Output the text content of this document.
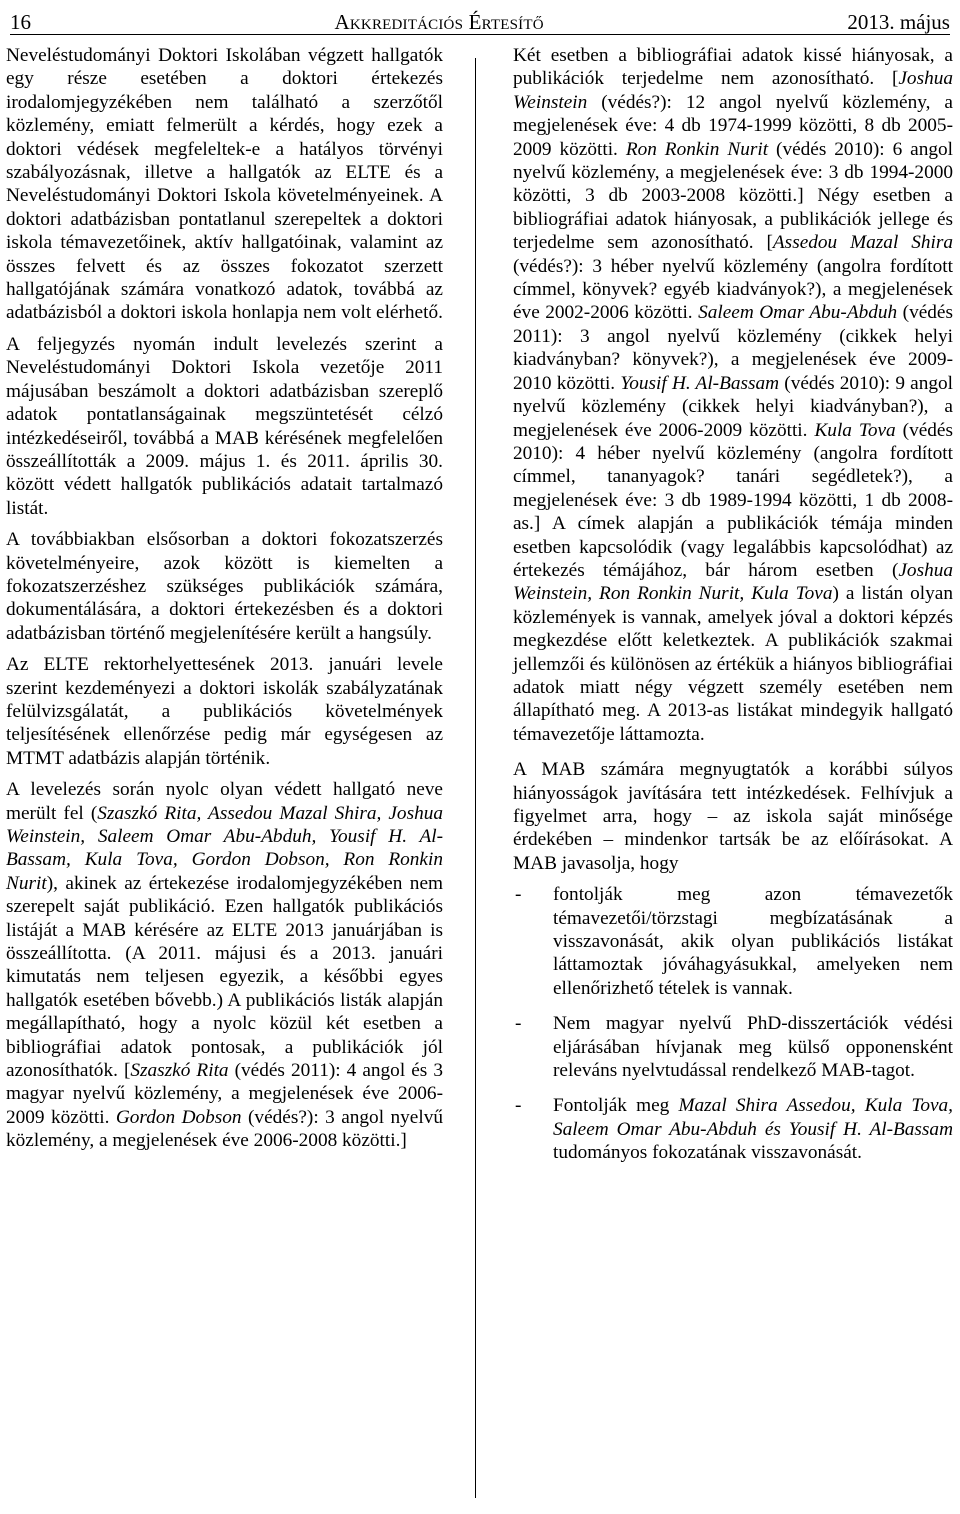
16	Akkreditációs Értesítő	2013. május

Neveléstudományi Doktori Iskolában végzett hallgatók egy része esetében a doktori értekezés irodalomjegyzékében nem található a szerzőtől közlemény, emiatt felmerült a kérdés, hogy ezek a doktori védések megfeleltek-e a hatályos törvényi szabályozásnak, illetve a hallgatók az ELTE és a Neveléstudományi Doktori Iskola követelményeinek. A doktori adatbázisban pontatlanul szerepeltek a doktori iskola témavezetőinek, aktív hallgatóinak, valamint az összes felvett és az összes fokozatot szerzett hallgatójának számára vonatkozó adatok, továbbá az adatbázisból a doktori iskola honlapja nem volt elérhető.

A feljegyzés nyomán indult levelezés szerint a Neveléstudományi Doktori Iskola vezetője 2011 májusában beszámolt a doktori adatbázisban szereplő adatok pontatlanságainak megszüntetését célzó intézkedéseiről, továbbá a MAB kérésének megfelelően összeállították a 2009. május 1. és 2011. április 30. között védett hallgatók publikációs adatait tartalmazó listát.

A továbbiakban elsősorban a doktori fokozatszerzés követelményeire, azok között is kiemelten a fokozatszerzéshez szükséges publikációk számára, dokumentálására, a doktori értekezésben és a doktori adatbázisban történő megjelenítésére került a hangsúly.

Az ELTE rektorhelyettesének 2013. januári levele szerint kezdeményezi a doktori iskolák szabályzatának felülvizsgálatát, a publikációs követelmények teljesítésének ellenőrzése pedig már egységesen az MTMT adatbázis alapján történik.

A levelezés során nyolc olyan védett hallgató neve merült fel (Szaszkó Rita, Assedou Mazal Shira, Joshua Weinstein, Saleem Omar Abu-Abduh, Yousif H. Al-Bassam, Kula Tova, Gordon Dobson, Ron Ronkin Nurit), akinek az értekezése irodalomjegyzékében nem szerepelt saját publikáció. Ezen hallgatók publikációs listáját a MAB kérésére az ELTE 2013 januárjában is összeállította. (A 2011. májusi és a 2013. januári kimutatás nem teljesen egyezik, a későbbi egyes hallgatók esetében bővebb.) A publikációs listák alapján megállapítható, hogy a nyolc közül két esetben a bibliográfiai adatok pontosak, a publikációk jól azonosíthatók. [Szaszkó Rita (védés 2011): 4 angol és 3 magyar nyelvű közlemény, a megjelenések éve 2006-2009 közötti. Gordon Dobson (védés?): 3 angol nyelvű közlemény, a megjelenések éve 2006-2008 közötti.]

Két esetben a bibliográfiai adatok kissé hiányosak, a publikációk terjedelme nem azonosítható. [Joshua Weinstein (védés?): 12 angol nyelvű közlemény, a megjelenések éve: 4 db 1974-1999 közötti, 8 db 2005-2009 közötti. Ron Ronkin Nurit (védés 2010): 6 angol nyelvű közlemény, a megjelenések éve: 3 db 1994-2000 közötti, 3 db 2003-2008 közötti.] Négy esetben a bibliográfiai adatok hiányosak, a publikációk jellege és terjedelme sem azonosítható. [Assedou Mazal Shira (védés?): 3 héber nyelvű közlemény (angolra fordított címmel, könyvek? egyéb kiadványok?), a megjelenések éve 2002-2006 közötti. Saleem Omar Abu-Abduh (védés 2011): 3 angol nyelvű közlemény (cikkek helyi kiadványban? könyvek?), a megjelenések éve 2009-2010 közötti. Yousif H. Al-Bassam (védés 2010): 9 angol nyelvű közlemény (cikkek helyi kiadványban?), a megjelenések éve 2006-2009 közötti. Kula Tova (védés 2010): 4 héber nyelvű közlemény (angolra fordított címmel, tananyagok? tanári segédletek?), a megjelenések éve: 3 db 1989-1994 közötti, 1 db 2008-as.] A címek alapján a publikációk témája minden esetben kapcsolódik (vagy legalábbis kapcsolódhat) az értekezés témájához, bár három esetben (Joshua Weinstein, Ron Ronkin Nurit, Kula Tova) a listán olyan közlemények is vannak, amelyek jóval a doktori képzés megkezdése előtt keletkeztek. A publikációk szakmai jellemzői és különösen az értékük a hiányos bibliográfiai adatok miatt négy végzett személy esetében nem állapítható meg. A 2013-as listákat mindegyik hallgató témavezetője láttamozta.

A MAB számára megnyugtatók a korábbi súlyos hiányosságok javítására tett intézkedések. Felhívjuk a figyelmet arra, hogy – az iskola saját minősége érdekében – mindenkor tartsák be az előírásokat. A MAB javasolja, hogy

- fontolják meg azon témavezetők témavezetői/törzstagi megbízatásának a visszavonását, akik olyan publikációs listákat láttamoztak jóváhagyásukkal, amelyeken nem ellenőrizhető tételek is vannak.
- Nem magyar nyelvű PhD-disszertációk védési eljárásában hívjanak meg külső opponensként releváns nyelvtudással rendelkező MAB-tagot.
- Fontolják meg Mazal Shira Assedou, Kula Tova, Saleem Omar Abu-Abduh és Yousif H. Al-Bassam tudományos fokozatának visszavonását.
